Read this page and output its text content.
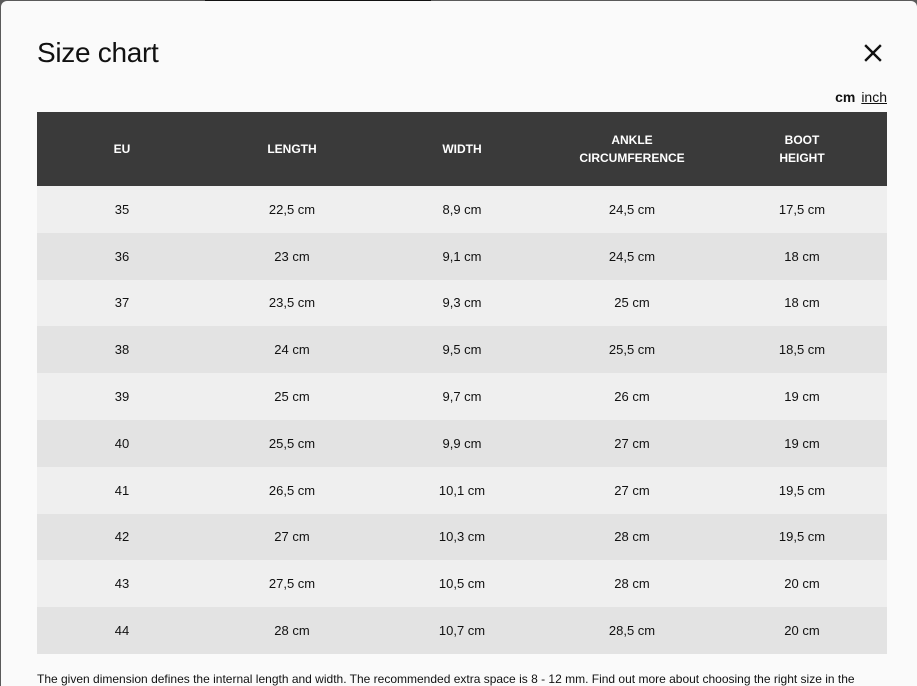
Size chart
cm inch
EU	LENGTH	WIDTH	ANKLE CIRCUMFERENCE	BOOT HEIGHT
35	22,5 cm	8,9 cm	24,5 cm	17,5 cm
36	23 cm	9,1 cm	24,5 cm	18 cm
37	23,5 cm	9,3 cm	25 cm	18 cm
38	24 cm	9,5 cm	25,5 cm	18,5 cm
39	25 cm	9,7 cm	26 cm	19 cm
40	25,5 cm	9,9 cm	27 cm	19 cm
41	26,5 cm	10,1 cm	27 cm	19,5 cm
42	27 cm	10,3 cm	28 cm	19,5 cm
43	27,5 cm	10,5 cm	28 cm	20 cm
44	28 cm	10,7 cm	28,5 cm	20 cm

The given dimension defines the internal length and width. The recommended extra space is 8 - 12 mm. Find out more about choosing the right size in the
